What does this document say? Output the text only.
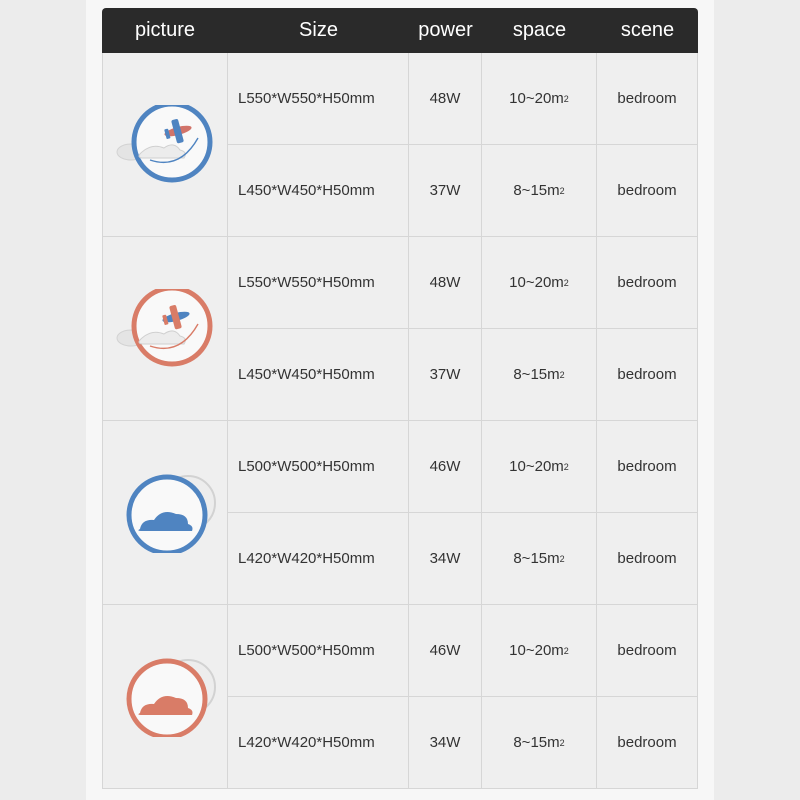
picture	Size	power	space	scene
L550*W550*H50mm	48W	10~20m 2	bedroom
L450*W450*H50mm	37W	8~15m 2	bedroom
L550*W550*H50mm	48W	10~20m 2	bedroom
L450*W450*H50mm	37W	8~15m 2	bedroom
L500*W500*H50mm	46W	10~20m 2	bedroom
L420*W420*H50mm	34W	8~15m 2	bedroom
L500*W500*H50mm	46W	10~20m 2	bedroom
L420*W420*H50mm	34W	8~15m 2	bedroom
